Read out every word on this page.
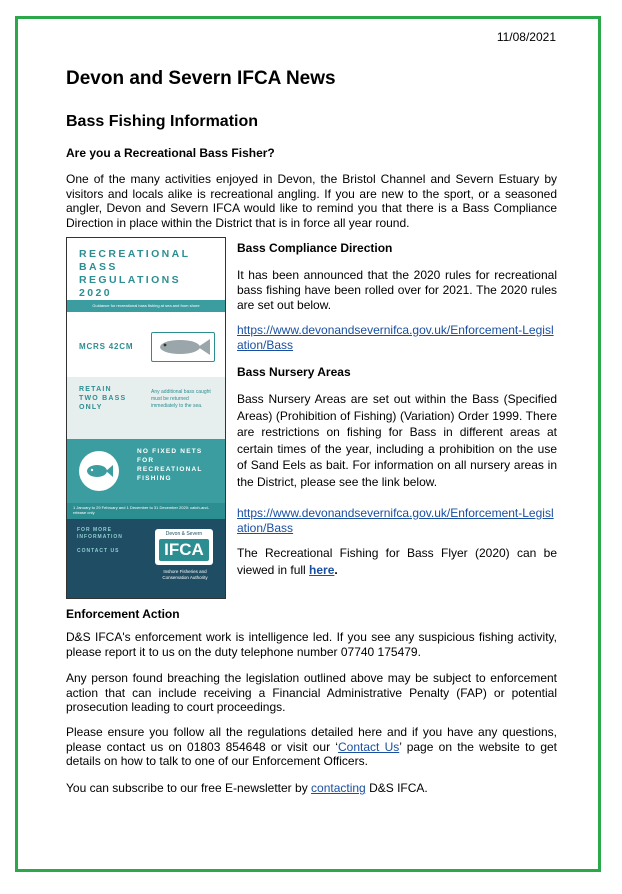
11/08/2021
Devon and Severn IFCA News
Bass Fishing Information

Are you a Recreational Bass Fisher?

One of the many activities enjoyed in Devon, the Bristol Channel and Severn Estuary by visitors and locals alike is recreational angling. If you are new to the sport, or a seasoned angler, Devon and Severn IFCA would like to remind you that there is a Bass Compliance Direction in place within the District that is in force all year round.

RECREATIONAL
BASS
REGULATIONS
2020
Guidance for recreational bass fishing at sea and from shore
MCRS 42CM
RETAIN
TWO BASS
ONLY
Any additional bass caught must be returned immediately to the sea.
NO FIXED NETS
FOR
RECREATIONAL
FISHING
1 January to 29 February and 1 December to 31 December 2020: catch-and-release only
FOR MORE
INFORMATION

CONTACT US
Devon & Severn
IFCA
Inshore Fisheries and Conservation Authority

Bass Compliance Direction

It has been announced that the 2020 rules for recreational bass fishing have been rolled over for 2021. The 2020 rules are set out below.

https://www.devonandsevernifca.gov.uk/Enforcement-Legislation/Bass

Bass Nursery Areas

Bass Nursery Areas are set out within the Bass (Specified Areas) (Prohibition of Fishing) (Variation) Order 1999. There are restrictions on fishing for Bass in different areas at certain times of the year, including a prohibition on the use of Sand Eels as bait. For information on all nursery areas in the District, please see the link below.

https://www.devonandsevernifca.gov.uk/Enforcement-Legislation/Bass

The Recreational Fishing for Bass Flyer (2020) can be viewed in full here.

Enforcement Action

D&S IFCA's enforcement work is intelligence led. If you see any suspicious fishing activity, please report it to us on the duty telephone number 07740 175479.

Any person found breaching the legislation outlined above may be subject to enforcement action that can include receiving a Financial Administrative Penalty (FAP) or potential prosecution leading to court proceedings.

Please ensure you follow all the regulations detailed here and if you have any questions, please contact us on 01803 854648 or visit our ‘Contact Us’ page on the website to get details on how to talk to one of our Enforcement Officers.

You can subscribe to our free E-newsletter by contacting D&S IFCA.
